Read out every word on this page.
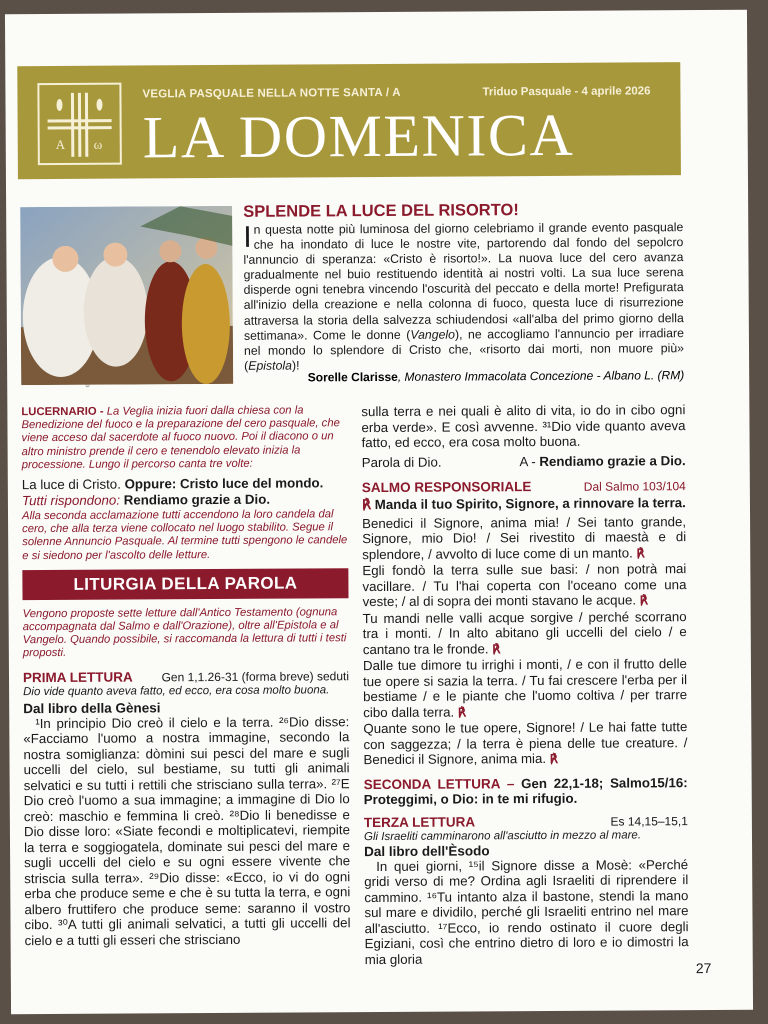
A ω
VEGLIA PASQUALE NELLA NOTTE SANTA / A	Triduo Pasquale - 4 aprile 2026
LA DOMENICA
SPLENDE LA LUCE DEL RISORTO!
In questa notte più luminosa del giorno celebriamo il grande evento pasquale che ha inondato di luce le nostre vite, partorendo dal fondo del sepolcro l'annuncio di speranza: «Cristo è risorto!». La nuova luce del cero avanza gradualmente nel buio restituendo identità ai nostri volti. La sua luce serena disperde ogni tenebra vincendo l'oscurità del peccato e della morte! Prefigurata all'inizio della creazione e nella colonna di fuoco, questa luce di risurrezione attraversa la storia della salvezza schiudendosi «all'alba del primo giorno della settimana». Come le donne (Vangelo), ne accogliamo l'annuncio per irradiare nel mondo lo splendore di Cristo che, «risorto dai morti, non muore più» (Epistola)!
Sorelle Clarisse, Monastero Immacolata Concezione - Albano L. (RM)

LUCERNARIO - La Veglia inizia fuori dalla chiesa con la Benedizione del fuoco e la preparazione del cero pasquale, che viene acceso dal sacerdote al fuoco nuovo. Poi il diacono o un altro ministro prende il cero e tenendolo elevato inizia la processione. Lungo il percorso canta tre volte:

La luce di Cristo. Oppure: Cristo luce del mondo.

Tutti rispondono: Rendiamo grazie a Dio.

Alla seconda acclamazione tutti accendono la loro candela dal cero, che alla terza viene collocato nel luogo stabilito. Segue il solenne Annuncio Pasquale. Al termine tutti spengono le candele e si siedono per l'ascolto delle letture.

LITURGIA DELLA PAROLA

Vengono proposte sette letture dall'Antico Testamento (ognuna accompagnata dal Salmo e dall'Orazione), oltre all'Epistola e al Vangelo. Quando possibile, si raccomanda la lettura di tutti i testi proposti.

PRIMA LETTURA Gen 1,1.26-31 (forma breve) seduti

Dio vide quanto aveva fatto, ed ecco, era cosa molto buona.

Dal libro della Gènesi

¹In principio Dio creò il cielo e la terra. ²⁶Dio disse: «Facciamo l'uomo a nostra immagine, secondo la nostra somiglianza: dòmini sui pesci del mare e sugli uccelli del cielo, sul bestiame, su tutti gli animali selvatici e su tutti i rettili che strisciano sulla terra». ²⁷E Dio creò l'uomo a sua immagine; a immagine di Dio lo creò: maschio e femmina li creò. ²⁸Dio li benedisse e Dio disse loro: «Siate fecondi e moltiplicatevi, riempite la terra e soggiogatela, dominate sui pesci del mare e sugli uccelli del cielo e su ogni essere vivente che striscia sulla terra». ²⁹Dio disse: «Ecco, io vi do ogni erba che produce seme e che è su tutta la terra, e ogni albero fruttifero che produce seme: saranno il vostro cibo. ³⁰A tutti gli animali selvatici, a tutti gli uccelli del cielo e a tutti gli esseri che strisciano

sulla terra e nei quali è alito di vita, io do in cibo ogni erba verde». E così avvenne. ³¹Dio vide quanto aveva fatto, ed ecco, era cosa molto buona.

Parola di Dio.	A - Rendiamo grazie a Dio.
SALMO RESPONSORIALE	Dal Salmo 103/104

℟ Manda il tuo Spirito, Signore, a rinnovare la terra.

Benedici il Signore, anima mia! / Sei tanto grande, Signore, mio Dio! / Sei rivestito di maestà e di splendore, / avvolto di luce come di un manto. ℟

Egli fondò la terra sulle sue basi: / non potrà mai vacillare. / Tu l'hai coperta con l'oceano come una veste; / al di sopra dei monti stavano le acque. ℟

Tu mandi nelle valli acque sorgive / perché scorrano tra i monti. / In alto abitano gli uccelli del cielo / e cantano tra le fronde. ℟

Dalle tue dimore tu irrighi i monti, / e con il frutto delle tue opere si sazia la terra. / Tu fai crescere l'erba per il bestiame / e le piante che l'uomo coltiva / per trarre cibo dalla terra. ℟

Quante sono le tue opere, Signore! / Le hai fatte tutte con saggezza; / la terra è piena delle tue creature. / Benedici il Signore, anima mia. ℟

SECONDA LETTURA – Gen 22,1-18; Salmo15/16: Proteggimi, o Dio: in te mi rifugio.

TERZA LETTURA	Es 14,15–15,1

Gli Israeliti camminarono all'asciutto in mezzo al mare.

Dal libro dell'Èsodo

In quei giorni, ¹⁵il Signore disse a Mosè: «Perché gridi verso di me? Ordina agli Israeliti di riprendere il cammino. ¹⁶Tu intanto alza il bastone, stendi la mano sul mare e dividilo, perché gli Israeliti entrino nel mare all'asciutto. ¹⁷Ecco, io rendo ostinato il cuore degli Egiziani, così che entrino dietro di loro e io dimostri la mia gloria

27
